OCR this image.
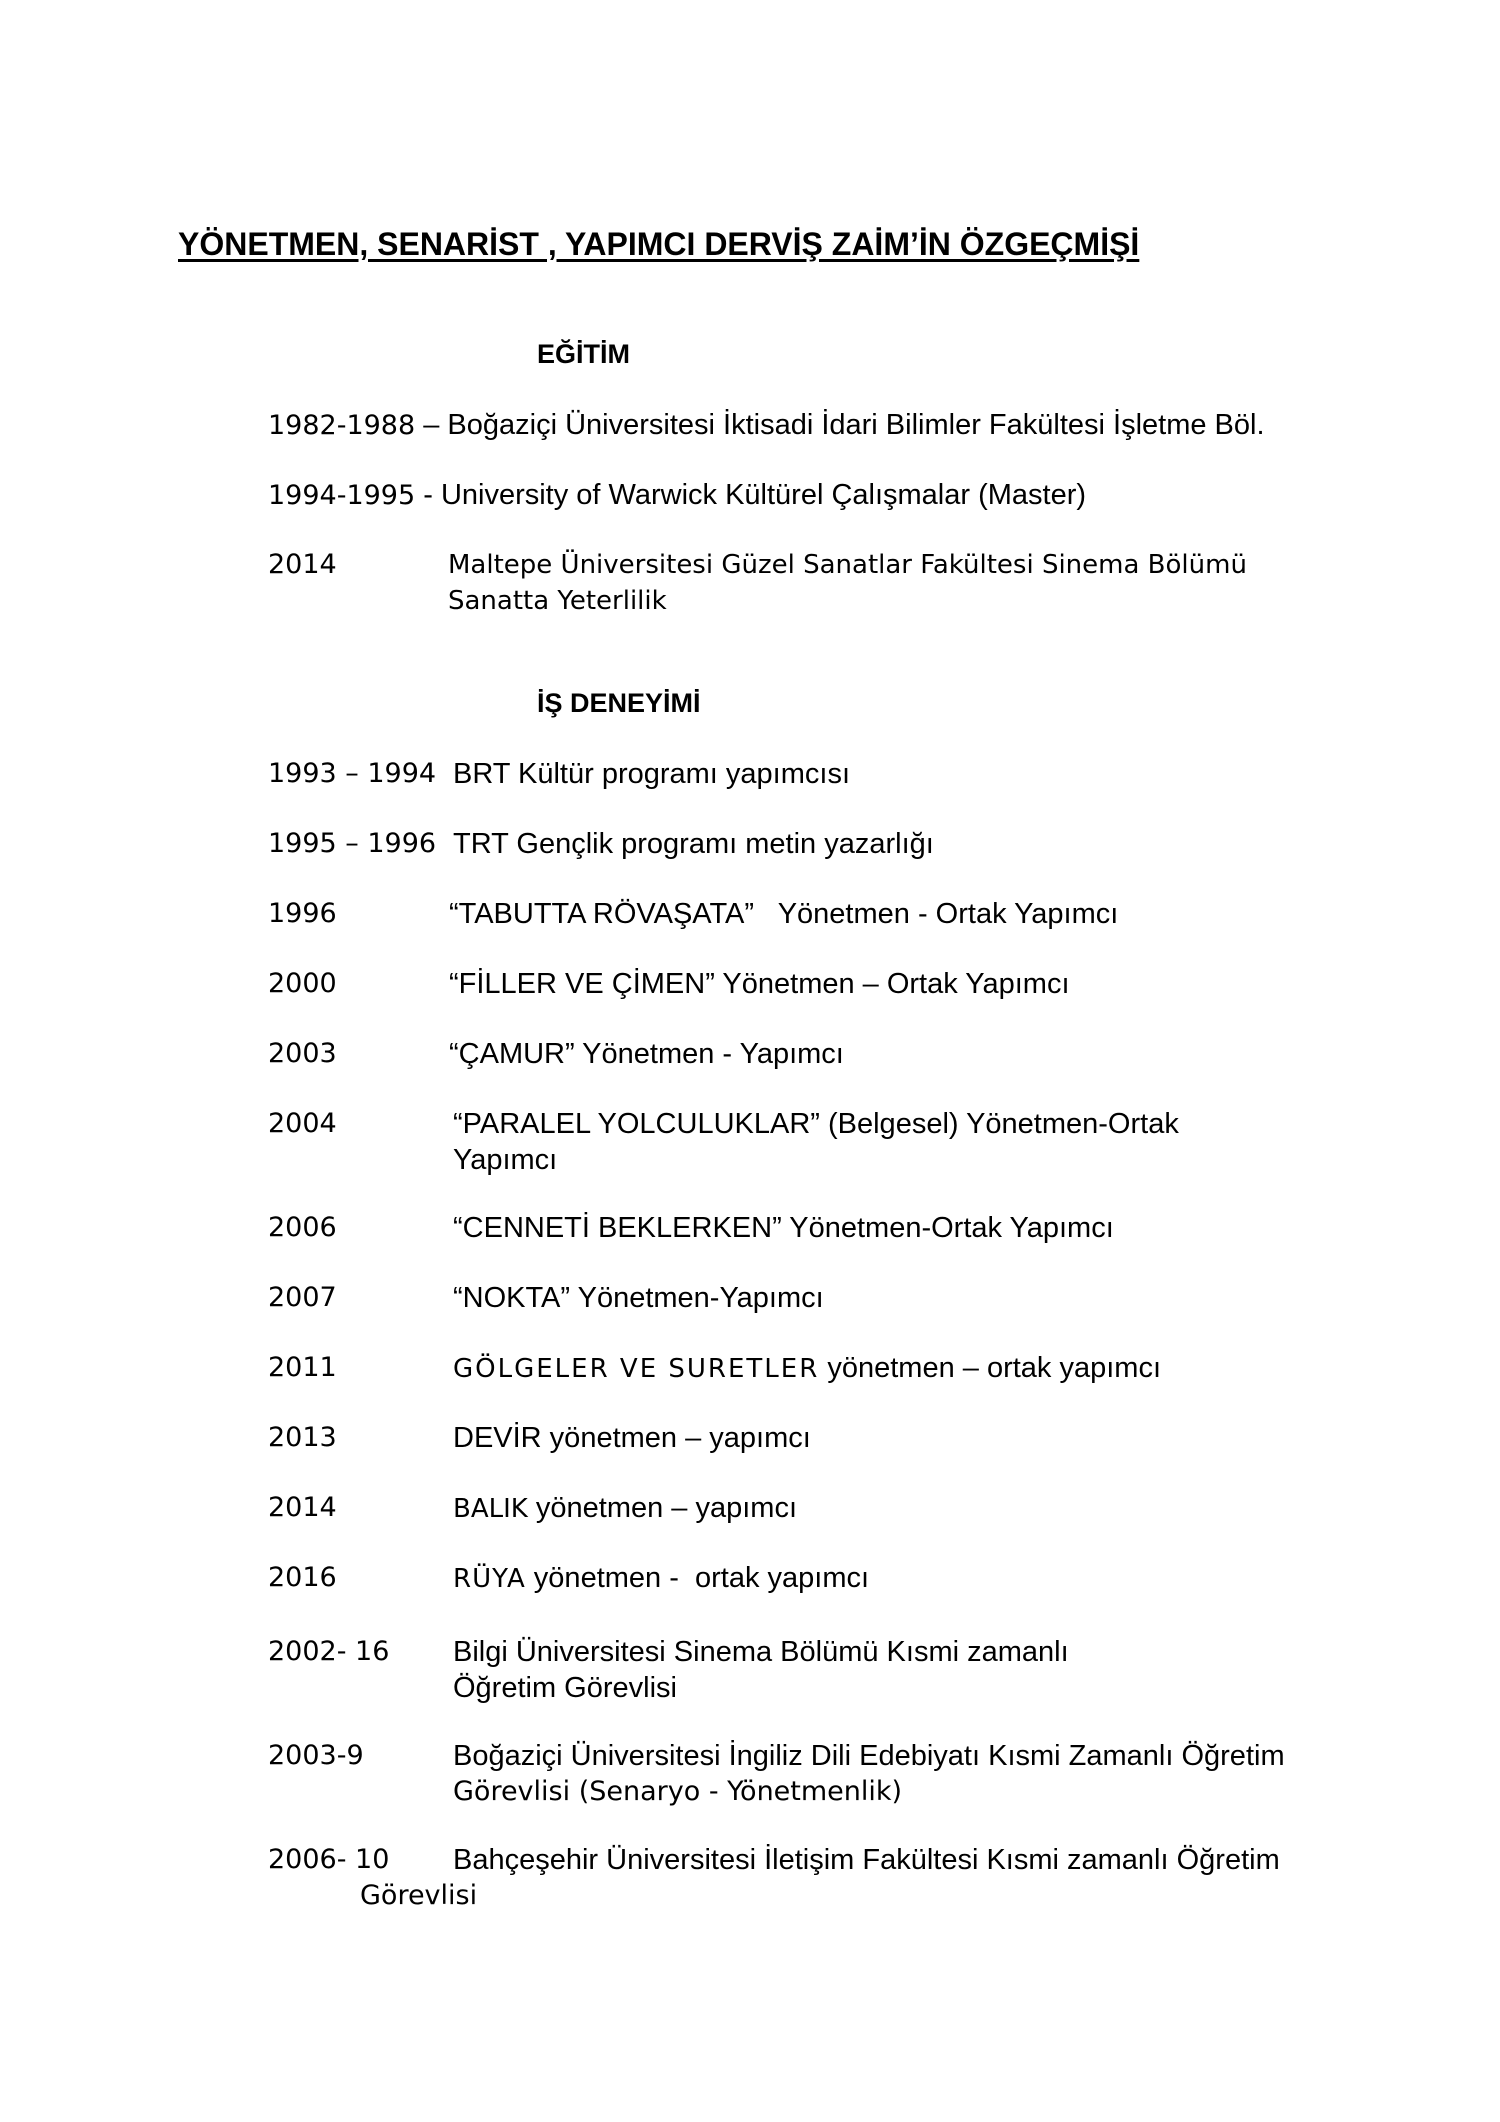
YÖNETMEN, SENARİST , YAPIMCI DERVİŞ ZAİM’İN ÖZGEÇMİŞİ
EĞİTİM
1982-1988 – Boğaziçi Üniversitesi İktisadi İdari Bilimler Fakültesi İşletme Böl.
1994-1995 - University of Warwick Kültürel Çalışmalar (Master)
2014	Maltepe Üniversitesi Güzel Sanatlar Fakültesi Sinema Bölümü
Sanatta Yeterlilik
İŞ DENEYİMİ
1993 – 1994 BRT Kültür programı yapımcısı
1995 – 1996 TRT Gençlik programı metin yazarlığı
1996	“TABUTTA RÖVAŞATA”   Yönetmen - Ortak Yapımcı
2000	“FİLLER VE ÇİMEN” Yönetmen – Ortak Yapımcı
2003	“ÇAMUR” Yönetmen - Yapımcı
2004	“PARALEL YOLCULUKLAR” (Belgesel) Yönetmen-Ortak
Yapımcı
2006	“CENNETİ BEKLERKEN” Yönetmen-Ortak Yapımcı
2007	“NOKTA” Yönetmen-Yapımcı
2011	GÖLGELER VE SURETLER yönetmen – ortak yapımcı
2013	DEVİR yönetmen – yapımcı
2014	BALIK yönetmen – yapımcı
2016	RÜYA yönetmen -  ortak yapımcı
2002- 16 Bilgi Üniversitesi Sinema Bölümü Kısmi zamanlı
Öğretim Görevlisi
2003-9	Boğaziçi Üniversitesi İngiliz Dili Edebiyatı Kısmi Zamanlı Öğretim
Görevlisi (Senaryo - Yönetmenlik)
2006- 10 Bahçeşehir Üniversitesi İletişim Fakültesi Kısmi zamanlı Öğretim
Görevlisi
